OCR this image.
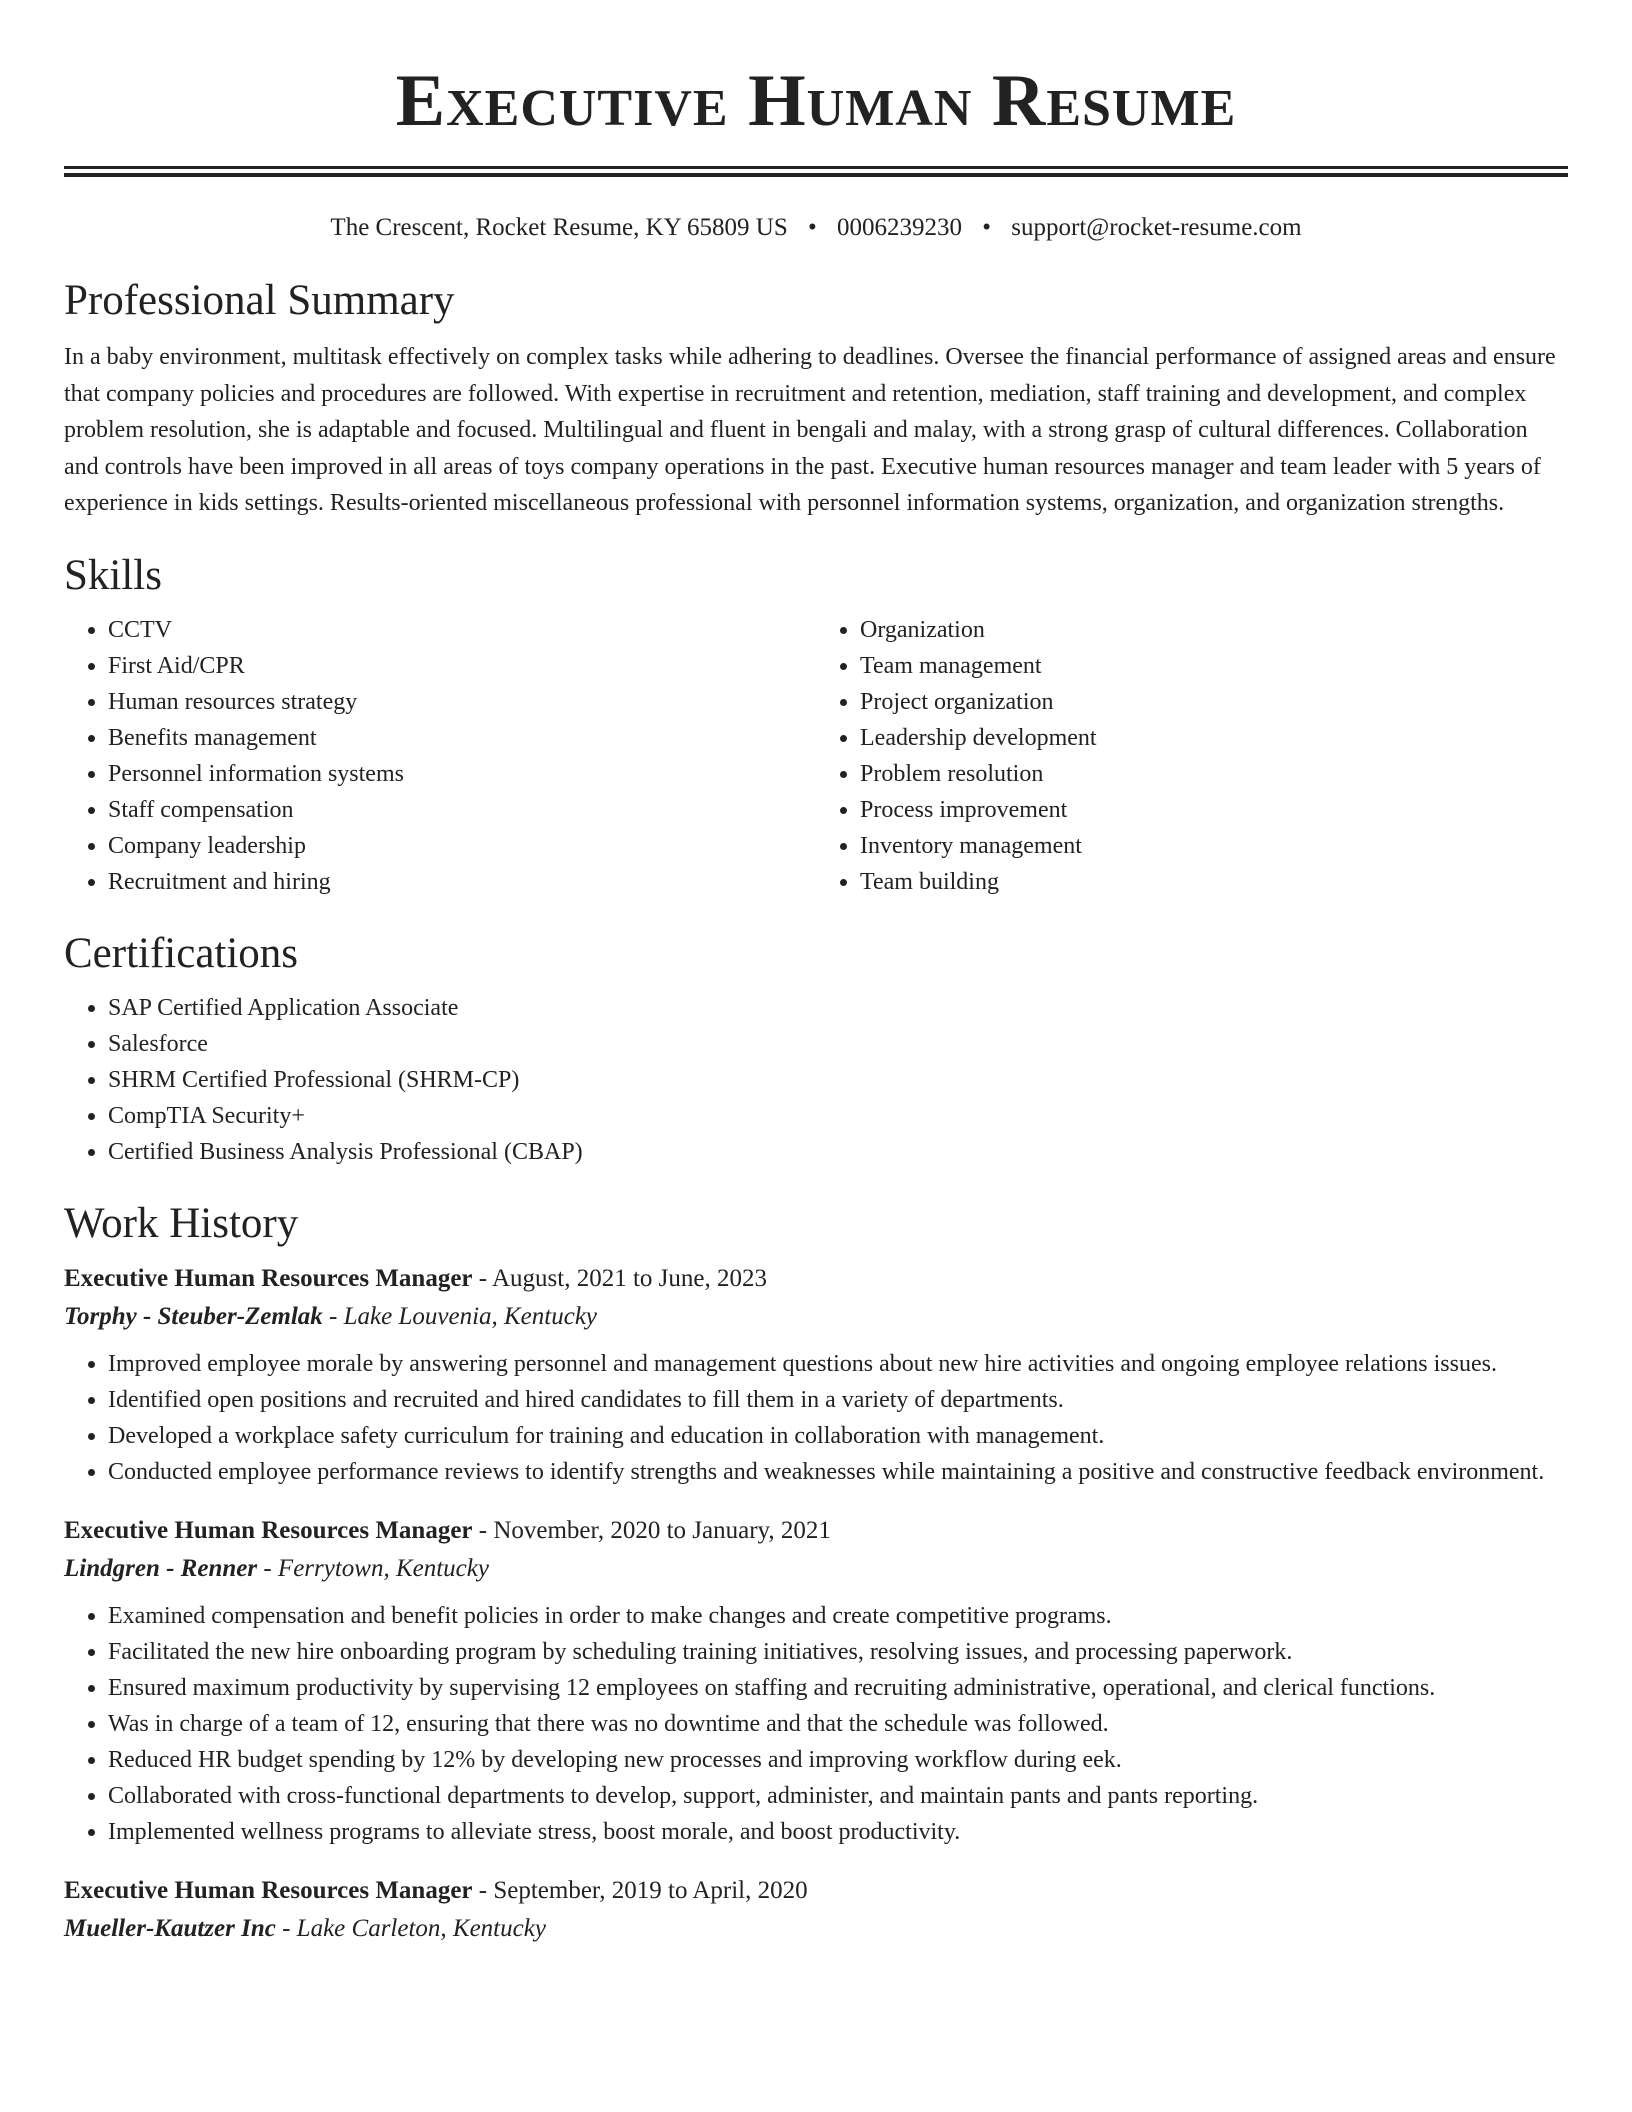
Executive Human Resume
The Crescent, Rocket Resume, KY 65809 US • 0006239230 • support@rocket-resume.com
Professional Summary

In a baby environment, multitask effectively on complex tasks while adhering to deadlines. Oversee the financial performance of assigned areas and ensure that company policies and procedures are followed. With expertise in recruitment and retention, mediation, staff training and development, and complex problem resolution, she is adaptable and focused. Multilingual and fluent in bengali and malay, with a strong grasp of cultural differences. Collaboration and controls have been improved in all areas of toys company operations in the past. Executive human resources manager and team leader with 5 years of experience in kids settings. Results-oriented miscellaneous professional with personnel information systems, organization, and organization strengths.

Skills
• CCTV
• First Aid/CPR
• Human resources strategy
• Benefits management
• Personnel information systems
• Staff compensation
• Company leadership
• Recruitment and hiring
• Organization
• Team management
• Project organization
• Leadership development
• Problem resolution
• Process improvement
• Inventory management
• Team building
Certifications
• SAP Certified Application Associate
• Salesforce
• SHRM Certified Professional (SHRM-CP)
• CompTIA Security+
• Certified Business Analysis Professional (CBAP)
Work History
Executive Human Resources Manager - August, 2021 to June, 2023
Torphy - Steuber-Zemlak - Lake Louvenia, Kentucky
• Improved employee morale by answering personnel and management questions about new hire activities and ongoing employee relations issues.
• Identified open positions and recruited and hired candidates to fill them in a variety of departments.
• Developed a workplace safety curriculum for training and education in collaboration with management.
• Conducted employee performance reviews to identify strengths and weaknesses while maintaining a positive and constructive feedback environment.
Executive Human Resources Manager - November, 2020 to January, 2021
Lindgren - Renner - Ferrytown, Kentucky
• Examined compensation and benefit policies in order to make changes and create competitive programs.
• Facilitated the new hire onboarding program by scheduling training initiatives, resolving issues, and processing paperwork.
• Ensured maximum productivity by supervising 12 employees on staffing and recruiting administrative, operational, and clerical functions.
• Was in charge of a team of 12, ensuring that there was no downtime and that the schedule was followed.
• Reduced HR budget spending by 12% by developing new processes and improving workflow during eek.
• Collaborated with cross-functional departments to develop, support, administer, and maintain pants and pants reporting.
• Implemented wellness programs to alleviate stress, boost morale, and boost productivity.
Executive Human Resources Manager - September, 2019 to April, 2020
Mueller-Kautzer Inc - Lake Carleton, Kentucky
